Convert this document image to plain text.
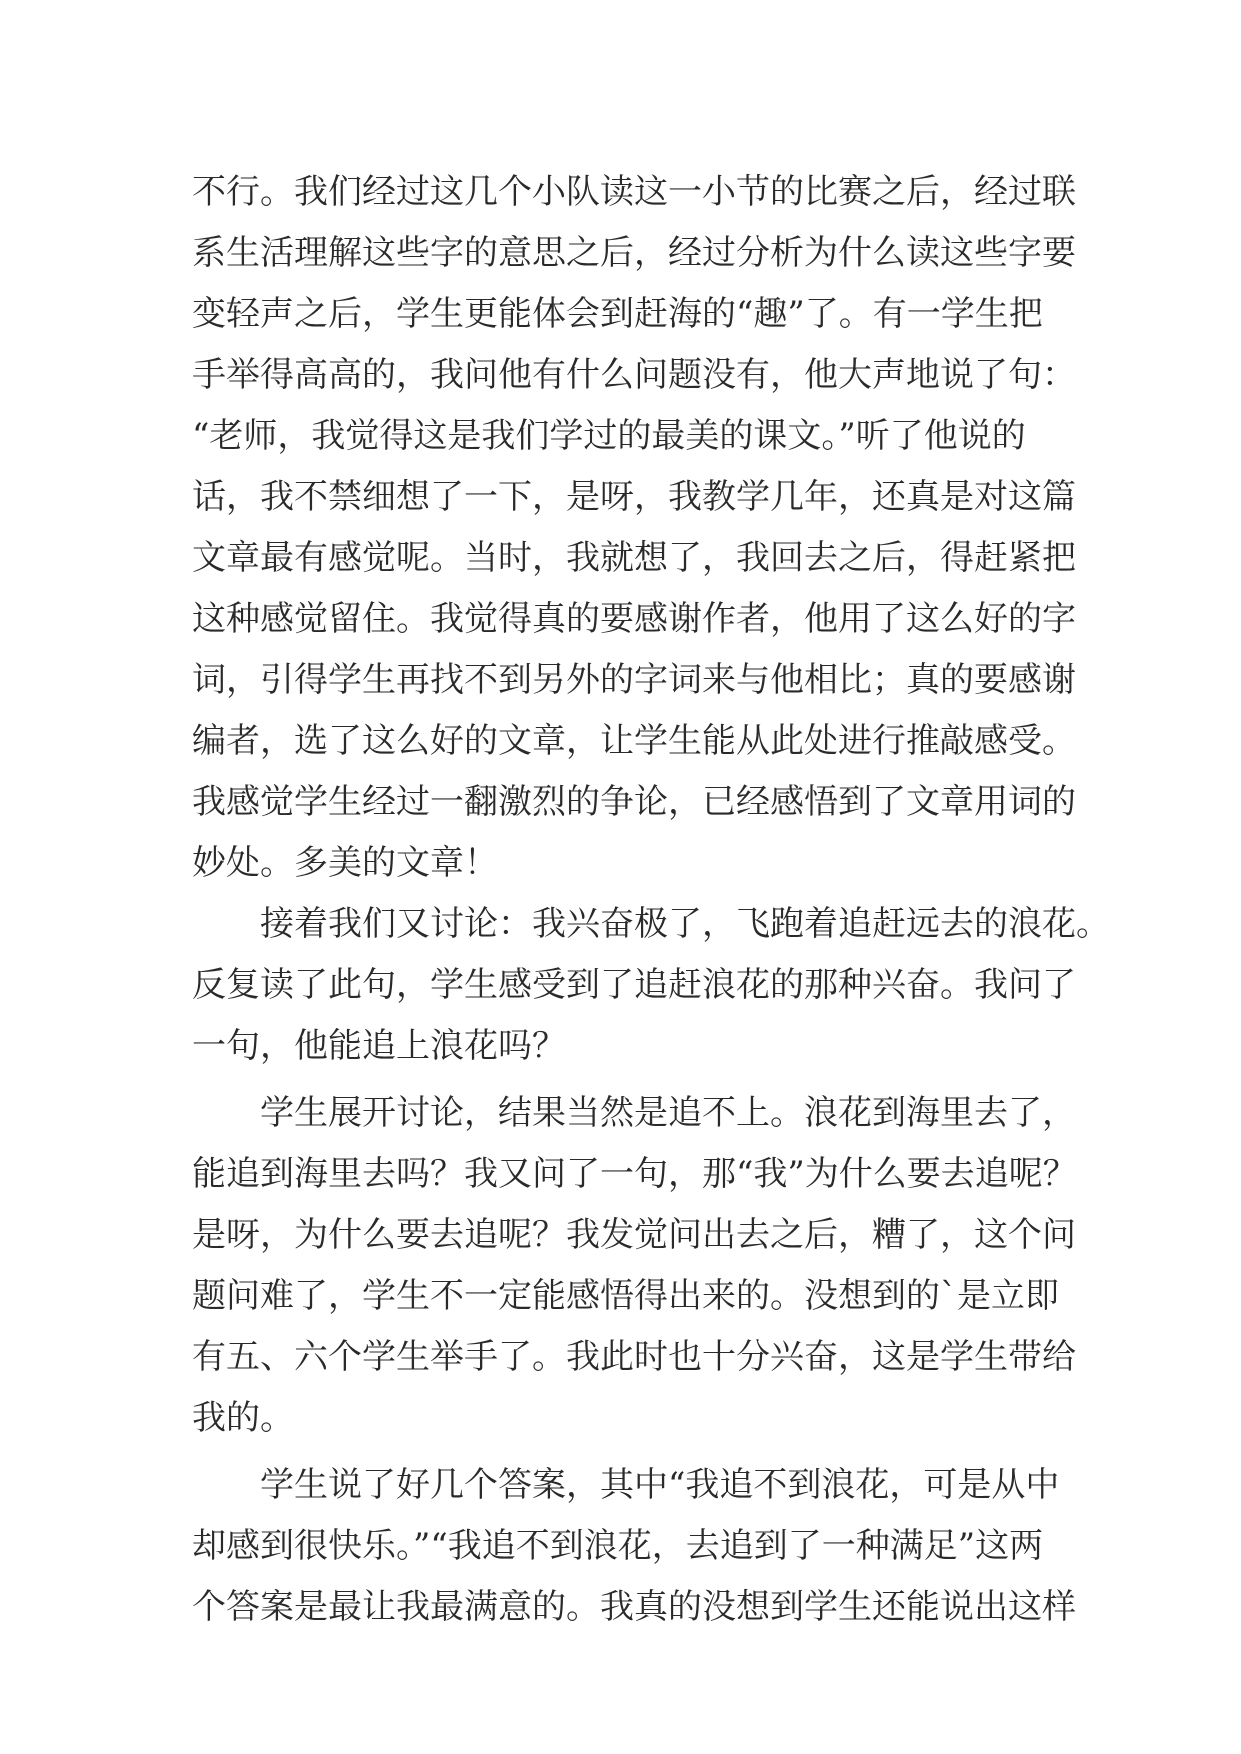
不行。我们经过这几个小队读这一小节的比赛之后，经过联
系生活理解这些字的意思之后，经过分析为什么读这些字要
变轻声之后，学生更能体会到赶海的“趣”了。有一学生把
手举得高高的，我问他有什么问题没有，他大声地说了句：
“老师，我觉得这是我们学过的最美的课文。”听了他说的
话，我不禁细想了一下，是呀，我教学几年，还真是对这篇
文章最有感觉呢。当时，我就想了，我回去之后，得赶紧把
这种感觉留住。我觉得真的要感谢作者，他用了这么好的字
词，引得学生再找不到另外的字词来与他相比；真的要感谢
编者，选了这么好的文章，让学生能从此处进行推敲感受。
我感觉学生经过一翻激烈的争论，已经感悟到了文章用词的
妙处。多美的文章！
接着我们又讨论：我兴奋极了，飞跑着追赶远去的浪花。
反复读了此句，学生感受到了追赶浪花的那种兴奋。我问了
一句，他能追上浪花吗？
学生展开讨论，结果当然是追不上。浪花到海里去了，
能追到海里去吗？我又问了一句，那“我”为什么要去追呢？
是呀，为什么要去追呢？我发觉问出去之后，糟了，这个问
题问难了，学生不一定能感悟得出来的。没想到的`是立即
有五、六个学生举手了。我此时也十分兴奋，这是学生带给
我的。
学生说了好几个答案，其中“我追不到浪花，可是从中
却感到很快乐。”“我追不到浪花，去追到了一种满足”这两
个答案是最让我最满意的。我真的没想到学生还能说出这样
